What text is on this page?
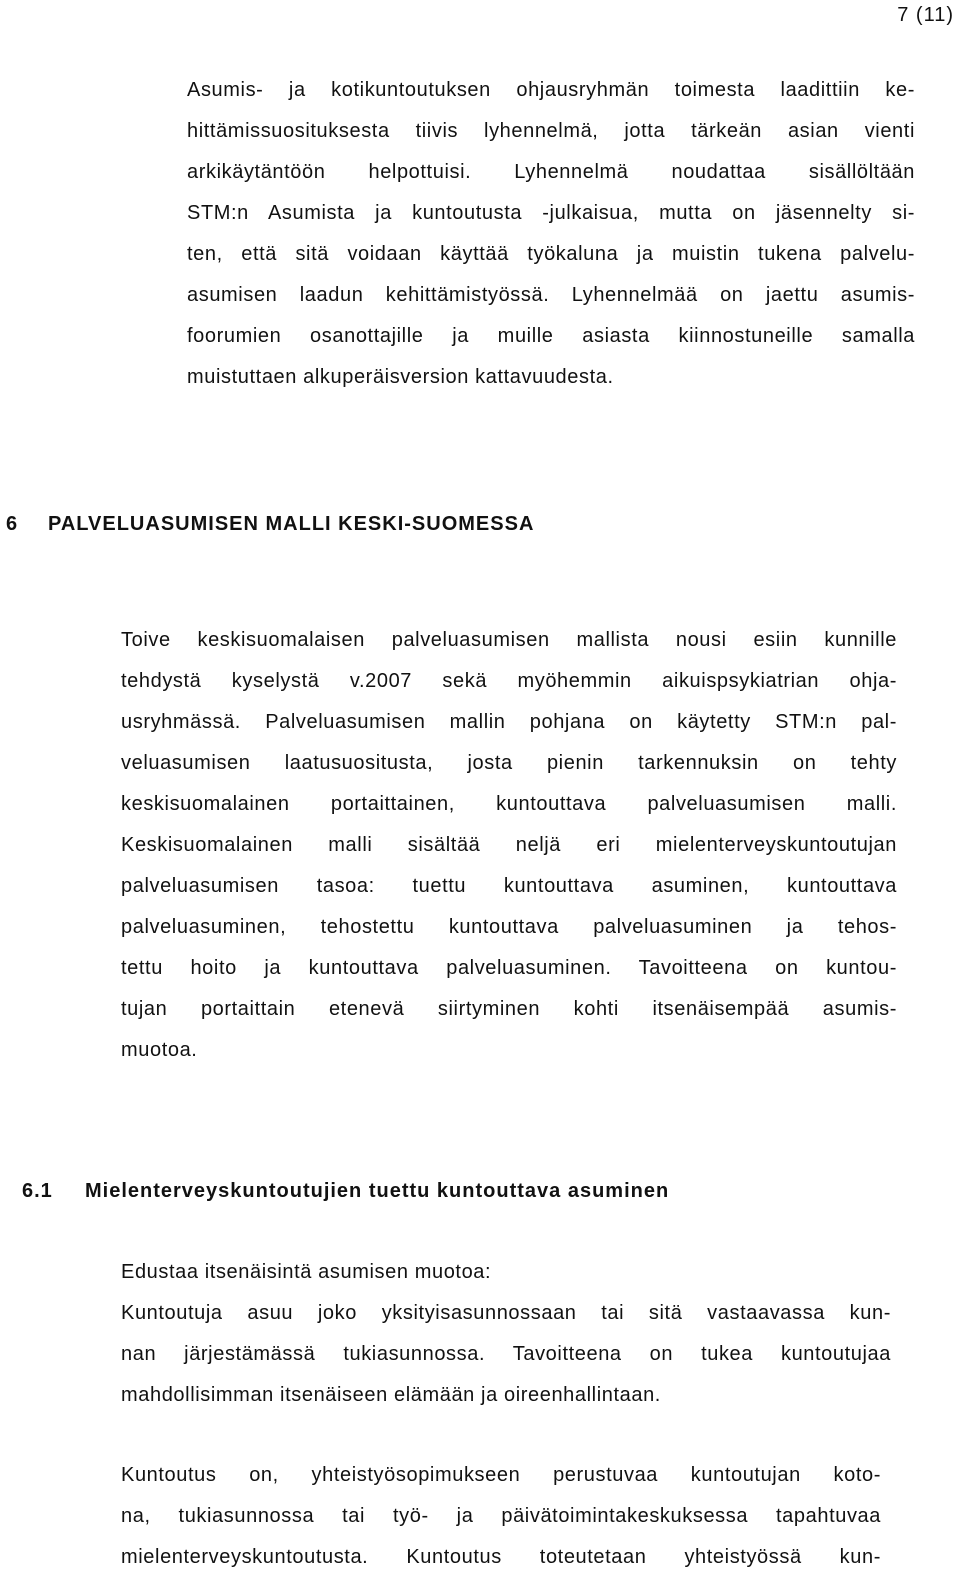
7 (11)

Asumis- ja kotikuntoutuksen ohjausryhmän toimesta laadittiin ke-
hittämissuosituksesta tiivis lyhennelmä, jotta tärkeän asian vienti
arkikäytäntöön helpottuisi. Lyhennelmä noudattaa sisällöltään
STM:n Asumista ja kuntoutusta -julkaisua, mutta on jäsennelty si-
ten, että sitä voidaan käyttää työkaluna ja muistin tukena palvelu-
asumisen laadun kehittämistyössä. Lyhennelmää on jaettu asumis-
foorumien osanottajille ja muille asiasta kiinnostuneille samalla
muistuttaen alkuperäisversion kattavuudesta.
6 PALVELUASUMISEN MALLI KESKI-SUOMESSA
Toive keskisuomalaisen palveluasumisen mallista nousi esiin kunnille
tehdystä kyselystä v.2007 sekä myöhemmin aikuispsykiatrian ohja-
usryhmässä. Palveluasumisen mallin pohjana on käytetty STM:n pal-
veluasumisen laatusuositusta, josta pienin tarkennuksin on tehty
keskisuomalainen portaittainen, kuntouttava palveluasumisen malli.
Keskisuomalainen malli sisältää neljä eri mielenterveyskuntoutujan
palveluasumisen tasoa: tuettu kuntouttava asuminen, kuntouttava
palveluasuminen, tehostettu kuntouttava palveluasuminen ja tehos-
tettu hoito ja kuntouttava palveluasuminen. Tavoitteena on kuntou-
tujan portaittain etenevä siirtyminen kohti itsenäisempää asumis-
muotoa.
6.1 Mielenterveyskuntoutujien tuettu kuntouttava asuminen
Edustaa itsenäisintä asumisen muotoa:
Kuntoutuja asuu joko yksityisasunnossaan tai sitä vastaavassa kun-
nan järjestämässä tukiasunnossa. Tavoitteena on tukea kuntoutujaa
mahdollisimman itsenäiseen elämään ja oireenhallintaan.
Kuntoutus on, yhteistyösopimukseen perustuvaa kuntoutujan koto-
na, tukiasunnossa tai työ- ja päivätoimintakeskuksessa tapahtuvaa
mielenterveyskuntoutusta. Kuntoutus toteutetaan yhteistyössä kun-
